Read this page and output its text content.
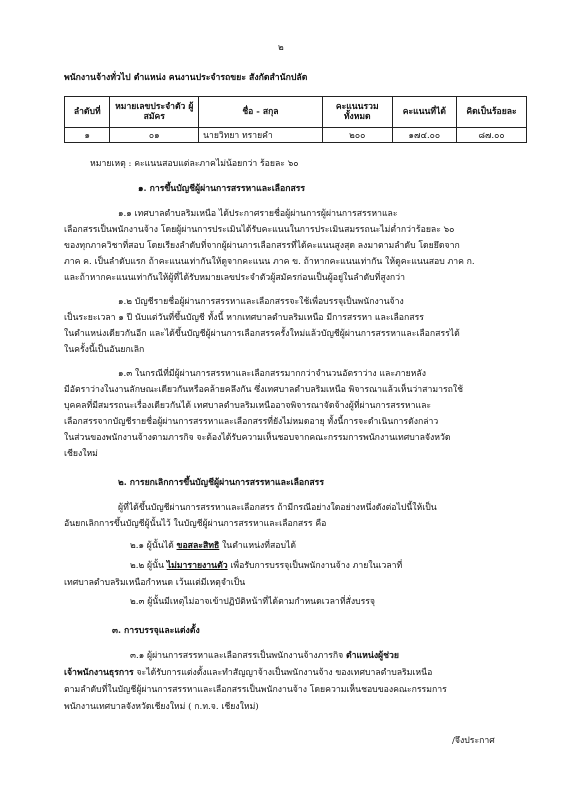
๒
พนักงานจ้างทั่วไป ตำแหน่ง คนงานประจำรถขยะ สังกัดสำนักปลัด
ลำดับที่	หมายเลขประจำตัว ผู้สมัคร	ชื่อ - สกุล	คะแนนรวม ทั้งหมด	คะแนนที่ได้	คิดเป็นร้อยละ
๑	๐๑	นายวิทยา ทรายคำ	๒๐๐	๑๗๔.๐๐	๘๗.๐๐
หมายเหตุ : คะแนนสอบแต่ละภาคไม่น้อยกว่า ร้อยละ ๖๐
๑. การขึ้นบัญชีผู้ผ่านการสรรหาและเลือกสรร
๑.๑ เทศบาลตำบลริมเหนือ ได้ประกาศรายชื่อผู้ผ่านการผู้ผ่านการสรรหาและ
เลือกสรรเป็นพนักงานจ้าง โดยผู้ผ่านการประเมินได้รับคะแนนในการประเมินสมรรถนะไม่ต่ำกว่าร้อยละ ๖๐
ของทุกภาควิชาที่สอบ โดยเรียงลำดับที่จากผู้ผ่านการเลือกสรรที่ได้คะแนนสูงสุด ลงมาตามลำดับ โดยยึดจาก
ภาค ค. เป็นลำดับแรก ถ้าคะแนนเท่ากันให้ดูจากคะแนน ภาค ข. ถ้าหากคะแนนเท่ากัน ให้ดูคะแนนสอบ ภาค ก.
และถ้าหากคะแนนเท่ากันให้ผู้ที่ได้รับหมายเลขประจำตัวผู้สมัครก่อนเป็นผู้อยู่ในลำดับที่สูงกว่า
๑.๒ บัญชีรายชื่อผู้ผ่านการสรรหาและเลือกสรรจะใช้เพื่อบรรจุเป็นพนักงานจ้าง
เป็นระยะเวลา ๑ ปี นับแต่วันที่ขึ้นบัญชี ทั้งนี้ หากเทศบาลตำบลริมเหนือ มีการสรรหา และเลือกสรร
ในตำแหน่งเดียวกันอีก และได้ขึ้นบัญชีผู้ผ่านการเลือกสรรครั้งใหม่แล้วบัญชีผู้ผ่านการสรรหาและเลือกสรรได้
ในครั้งนี้เป็นอันยกเลิก
๑.๓ ในกรณีที่มีผู้ผ่านการสรรหาและเลือกสรรมากกว่าจำนวนอัตราว่าง และภายหลัง
มีอัตราว่างในงานลักษณะเดียวกันหรือคล้ายคลึงกัน ซึ่งเทศบาลตำบลริมเหนือ พิจารณาแล้วเห็นว่าสามารถใช้
บุคคลที่มีสมรรถนะเรื่องเดียวกันได้ เทศบาลตำบลริมเหนืออาจพิจารณาจัดจ้างผู้ที่ผ่านการสรรหาและ
เลือกสรรจากบัญชีรายชื่อผู้ผ่านการสรรหาและเลือกสรรที่ยังไม่หมดอายุ ทั้งนี้การจะดำเนินการดังกล่าว
ในส่วนของพนักงานจ้างตามภารกิจ จะต้องได้รับความเห็นชอบจากคณะกรรมการพนักงานเทศบาลจังหวัด
เชียงใหม่
๒. การยกเลิกการขึ้นบัญชีผู้ผ่านการสรรหาและเลือกสรร
ผู้ที่ได้ขึ้นบัญชีผ่านการสรรหาและเลือกสรร ถ้ามีกรณีอย่างใดอย่างหนึ่งดังต่อไปนี้ให้เป็น
อันยกเลิกการขึ้นบัญชีผู้นั้นไว้ ในบัญชีผู้ผ่านการสรรหาและเลือกสรร คือ
๒.๑ ผู้นั้นได้ ขอสละสิทธิ ในตำแหน่งที่สอบได้
๒.๒ ผู้นั้น ไม่มารายงานตัว เพื่อรับการบรรจุเป็นพนักงานจ้าง ภายในเวลาที่
เทศบาลตำบลริมเหนือกำหนด เว้นแต่มีเหตุจำเป็น
๒.๓ ผู้นั้นมีเหตุไม่อาจเข้าปฏิบัติหน้าที่ได้ตามกำหนดเวลาที่สั่งบรรจุ
๓. การบรรจุและแต่งตั้ง
๓.๑ ผู้ผ่านการสรรหาและเลือกสรรเป็นพนักงานจ้างภารกิจ ตำแหน่งผู้ช่วย
เจ้าพนักงานธุรการ จะได้รับการแต่งตั้งและทำสัญญาจ้างเป็นพนักงานจ้าง ของเทศบาลตำบลริมเหนือ
ตามลำดับที่ในบัญชีผู้ผ่านการสรรหาและเลือกสรรเป็นพนักงานจ้าง โดยความเห็นชอบของคณะกรรมการ
พนักงานเทศบาลจังหวัดเชียงใหม่ ( ก.ท.จ. เชียงใหม่)
/จึงประกาศ
